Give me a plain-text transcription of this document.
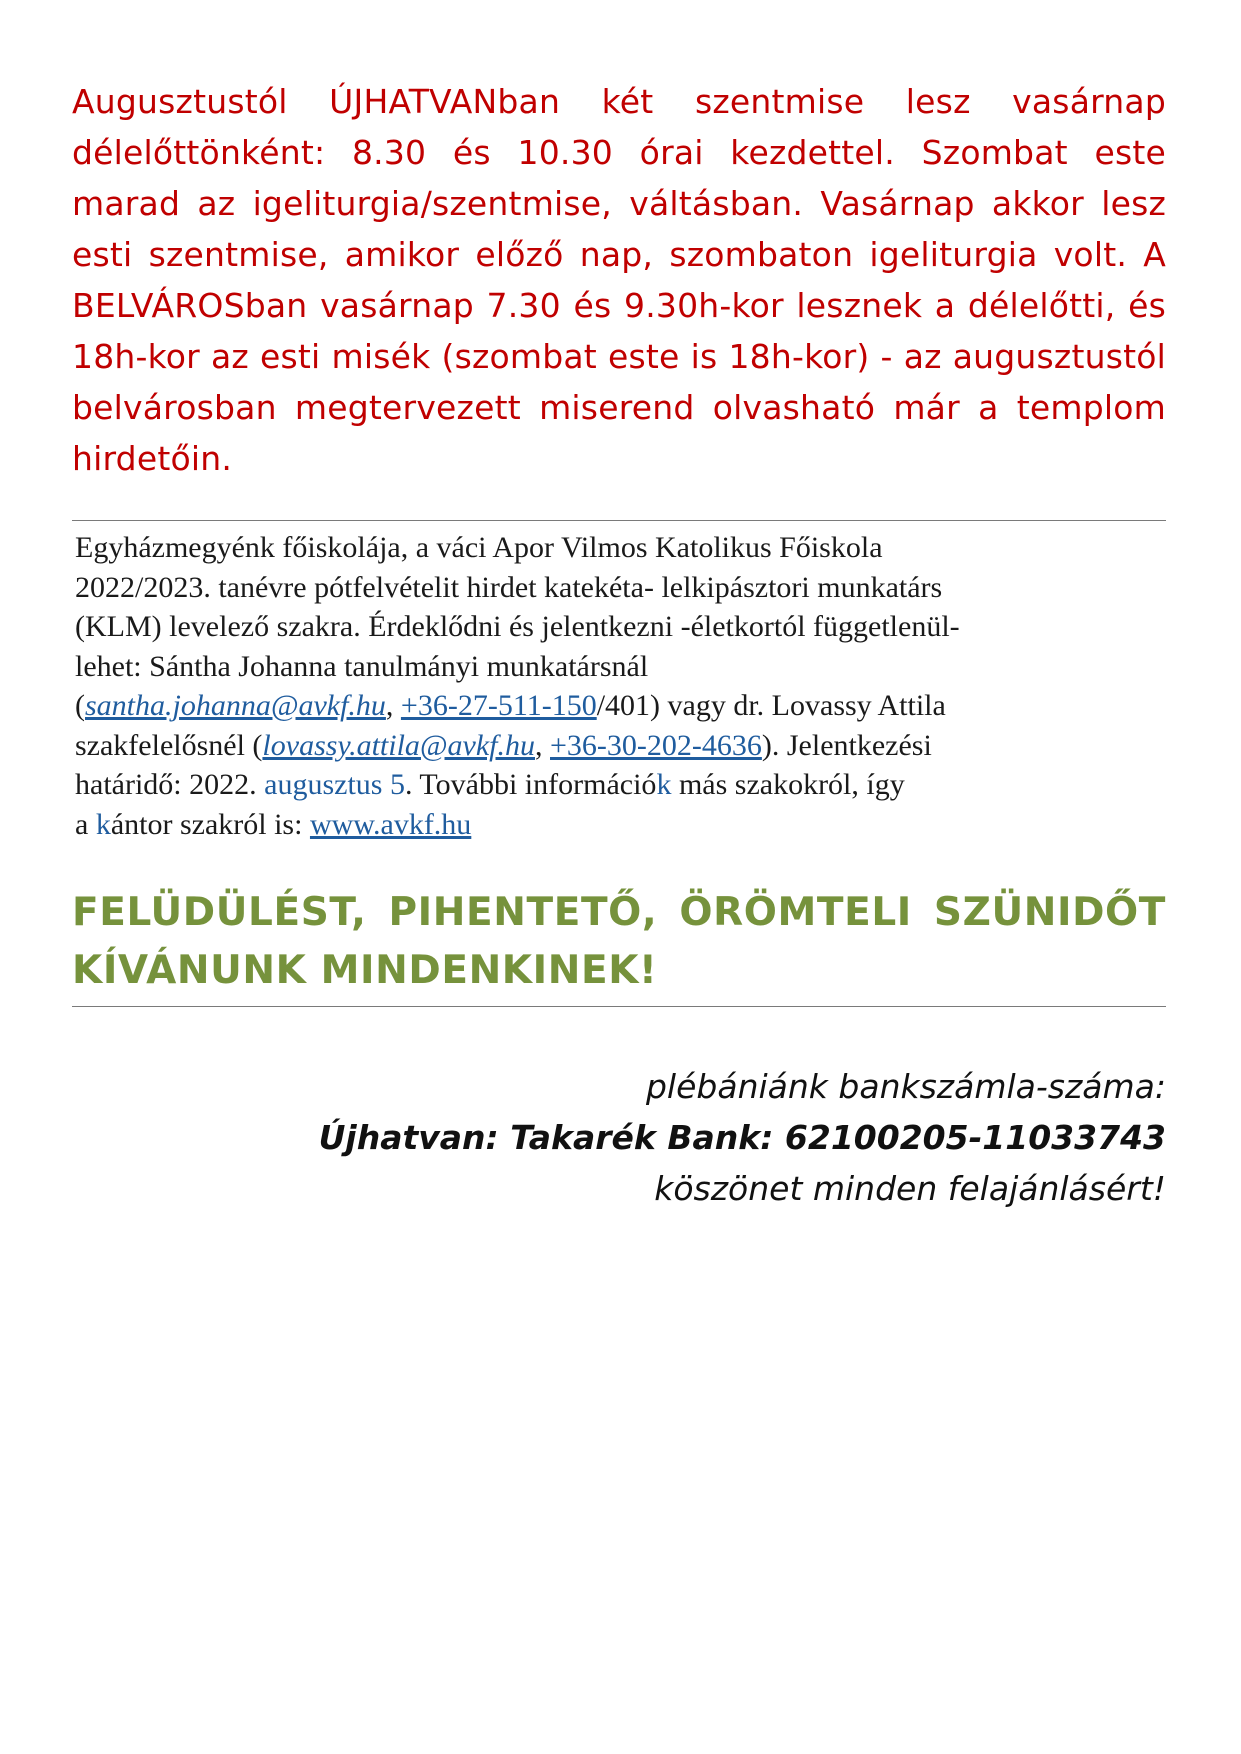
Augusztustól ÚJHATVANban két szentmise lesz vasárnap délelőttönként: 8.30 és 10.30 órai kezdettel. Szombat este marad az igeliturgia/szentmise, váltásban. Vasárnap akkor lesz esti szentmise, amikor előző nap, szombaton igeliturgia volt. A BELVÁROSban vasárnap 7.30 és 9.30h-kor lesznek a délelőtti, és 18h-kor az esti misék (szombat este is 18h-kor) - az augusztustól belvárosban megtervezett miserend olvasható már a templom hirdetőin.

Egyházmegyénk főiskolája, a váci Apor Vilmos Katolikus Főiskola
2022/2023. tanévre pótfelvételit hirdet katekéta- lelkipásztori munkatárs
(KLM) levelező szakra. Érdeklődni és jelentkezni -életkortól függetlenül-
lehet: Sántha Johanna tanulmányi munkatársnál
(santha.johanna@avkf.hu, +36-27-511-150/401) vagy dr. Lovassy Attila
szakfelelősnél (lovassy.attila@avkf.hu, +36-30-202-4636). Jelentkezési
határidő: 2022. augusztus 5. További információk más szakokról, így
a kántor szakról is: www.avkf.hu

FELÜDÜLÉST, PIHENTETŐ, ÖRÖMTELI SZÜNIDŐT KÍVÁNUNK MINDENKINEK!

plébániánk bankszámla-száma:
Újhatvan: Takarék Bank: 62100205-11033743
köszönet minden felajánlásért!
